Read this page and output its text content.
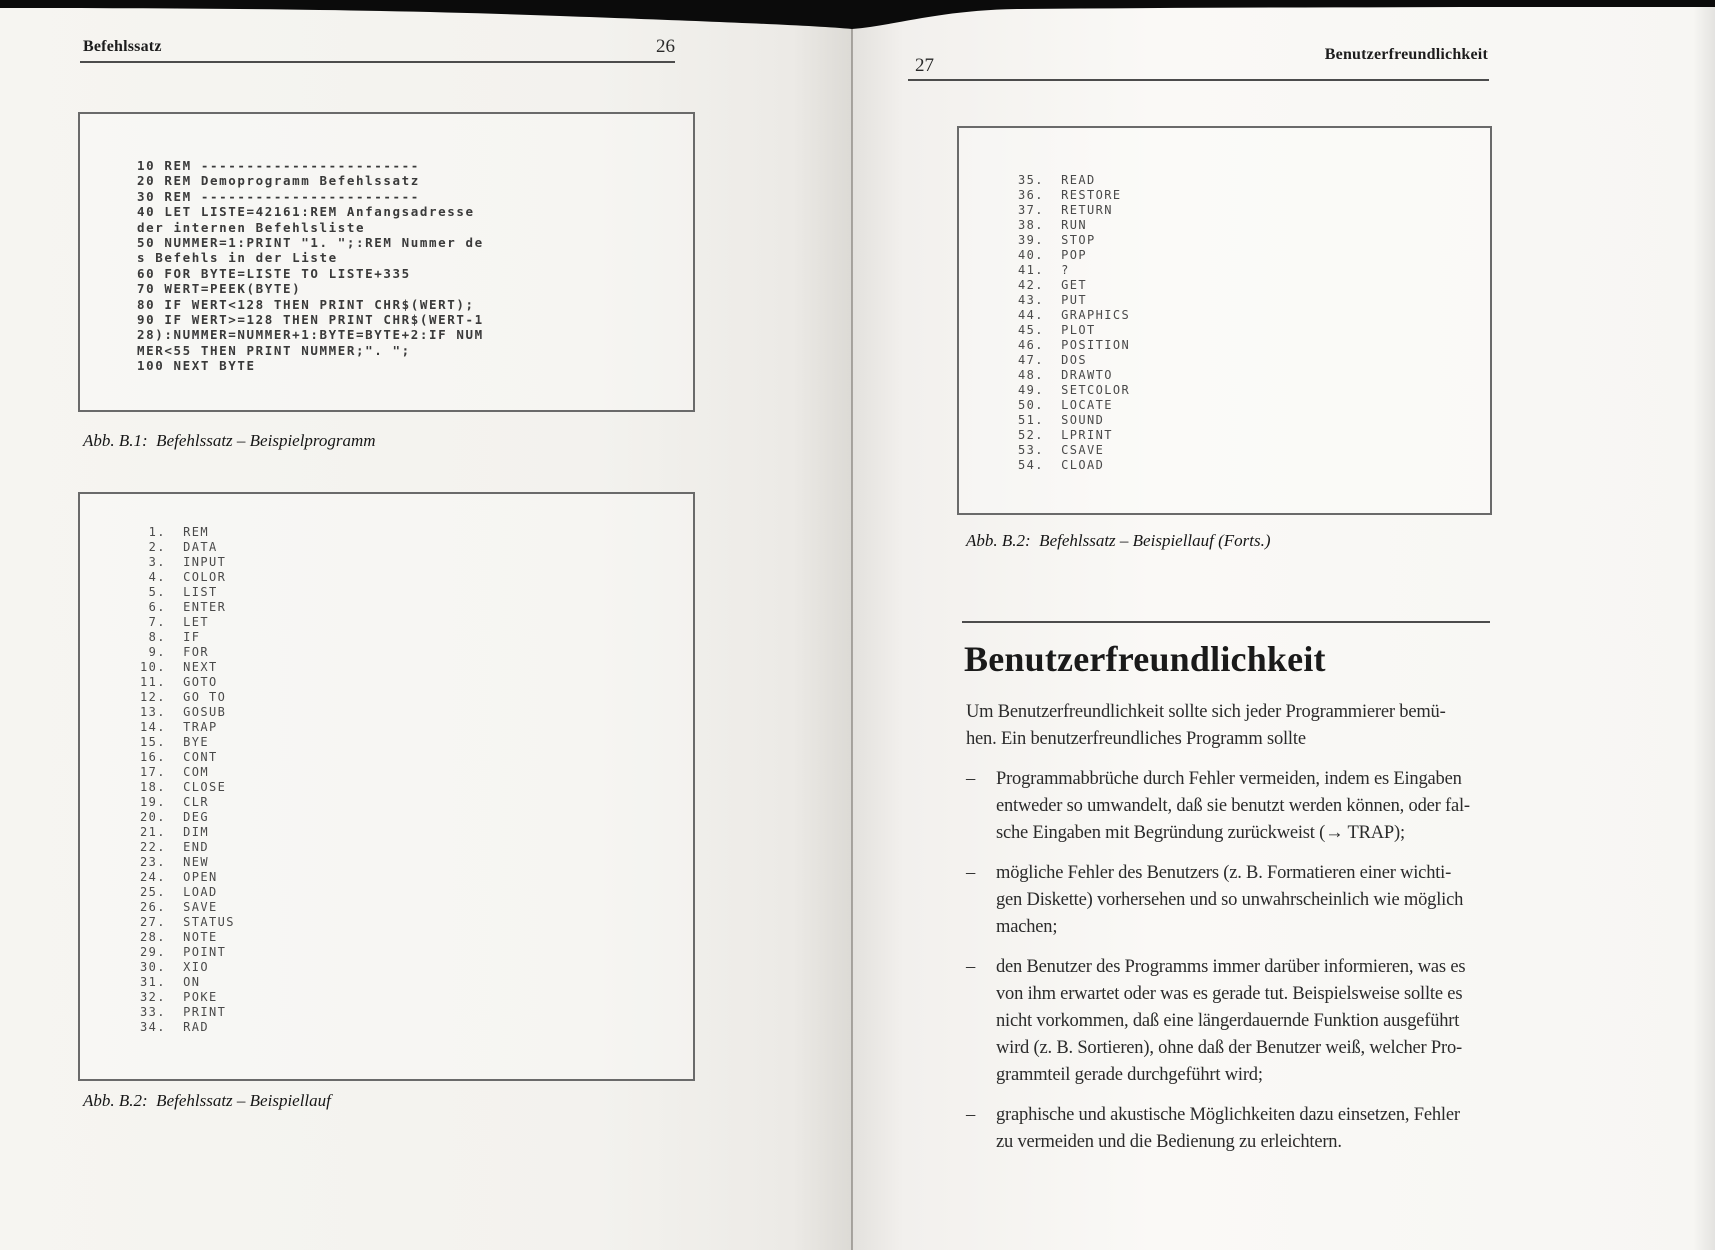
Befehlssatz	26
10 REM ------------------------
20 REM Demoprogramm Befehlssatz
30 REM ------------------------
40 LET LISTE=42161:REM Anfangsadresse
der internen Befehlsliste
50 NUMMER=1:PRINT "1. ";:REM Nummer de
s Befehls in der Liste
60 FOR BYTE=LISTE TO LISTE+335
70 WERT=PEEK(BYTE)
80 IF WERT<128 THEN PRINT CHR$(WERT);
90 IF WERT>=128 THEN PRINT CHR$(WERT-1
28):NUMMER=NUMMER+1:BYTE=BYTE+2:IF NUM
MER<55 THEN PRINT NUMMER;". ";
100 NEXT BYTE
Abb. B.1:  Befehlssatz – Beispielprogramm
1.  REM
2.  DATA
3.  INPUT
4.  COLOR
5.  LIST
6.  ENTER
7.  LET
8.  IF
9.  FOR
10.  NEXT
11.  GOTO
12.  GO TO
13.  GOSUB
14.  TRAP
15.  BYE
16.  CONT
17.  COM
18.  CLOSE
19.  CLR
20.  DEG
21.  DIM
22.  END
23.  NEW
24.  OPEN
25.  LOAD
26.  SAVE
27.  STATUS
28.  NOTE
29.  POINT
30.  XIO
31.  ON
32.  POKE
33.  PRINT
34.  RAD
Abb. B.2:  Befehlssatz – Beispiellauf
27
Benutzerfreundlichkeit
35.  READ
36.  RESTORE
37.  RETURN
38.  RUN
39.  STOP
40.  POP
41.  ?
42.  GET
43.  PUT
44.  GRAPHICS
45.  PLOT
46.  POSITION
47.  DOS
48.  DRAWTO
49.  SETCOLOR
50.  LOCATE
51.  SOUND
52.  LPRINT
53.  CSAVE
54.  CLOAD
Abb. B.2:  Befehlssatz – Beispiellauf (Forts.)
Benutzerfreundlichkeit
Um Benutzerfreundlichkeit sollte sich jeder Programmierer bemü-
hen. Ein benutzerfreundliches Programm sollte
–	Programmabbrüche durch Fehler vermeiden, indem es Eingaben
entweder so umwandelt, daß sie benutzt werden können, oder fal-
sche Eingaben mit Begründung zurückweist (→ TRAP);
–	mögliche Fehler des Benutzers (z. B. Formatieren einer wichti-
gen Diskette) vorhersehen und so unwahrscheinlich wie möglich
machen;
–	den Benutzer des Programms immer darüber informieren, was es
von ihm erwartet oder was es gerade tut. Beispielsweise sollte es
nicht vorkommen, daß eine längerdauernde Funktion ausgeführt
wird (z. B. Sortieren), ohne daß der Benutzer weiß, welcher Pro-
grammteil gerade durchgeführt wird;
–	graphische und akustische Möglichkeiten dazu einsetzen, Fehler
zu vermeiden und die Bedienung zu erleichtern.
